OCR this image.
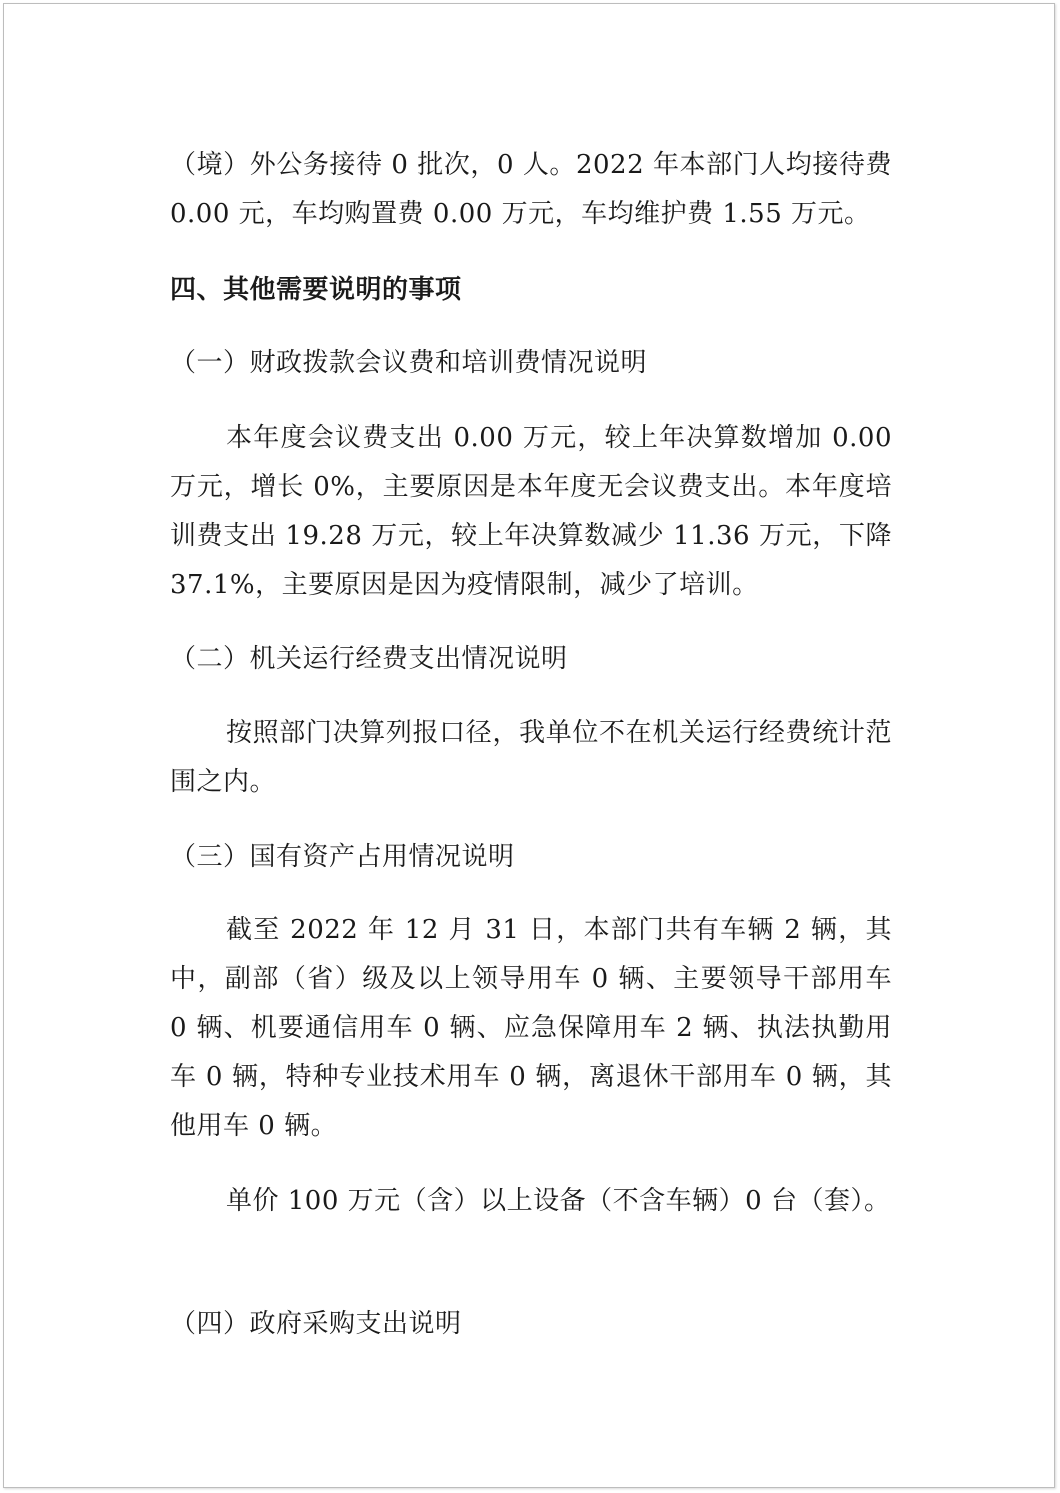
（境）外公务接待 0 批次，0 人。2022 年本部门人均接待费 0.00 元，车均购置费 0.00 万元，车均维护费 1.55 万元。
四、其他需要说明的事项
（一）财政拨款会议费和培训费情况说明
本年度会议费支出 0.00 万元，较上年决算数增加 0.00 万元，增长 0%，主要原因是本年度无会议费支出。本年度培训费支出 19.28 万元，较上年决算数减少 11.36 万元，下降 37.1%，主要原因是因为疫情限制，减少了培训。
（二）机关运行经费支出情况说明
按照部门决算列报口径，我单位不在机关运行经费统计范围之内。
（三）国有资产占用情况说明
截至 2022 年 12 月 31 日，本部门共有车辆 2 辆，其中，副部（省）级及以上领导用车 0 辆、主要领导干部用车 0 辆、机要通信用车 0 辆、应急保障用车 2 辆、执法执勤用车 0 辆，特种专业技术用车 0 辆，离退休干部用车 0 辆，其他用车 0 辆。
单价 100 万元（含）以上设备（不含车辆）0 台（套）。
（四）政府采购支出说明
